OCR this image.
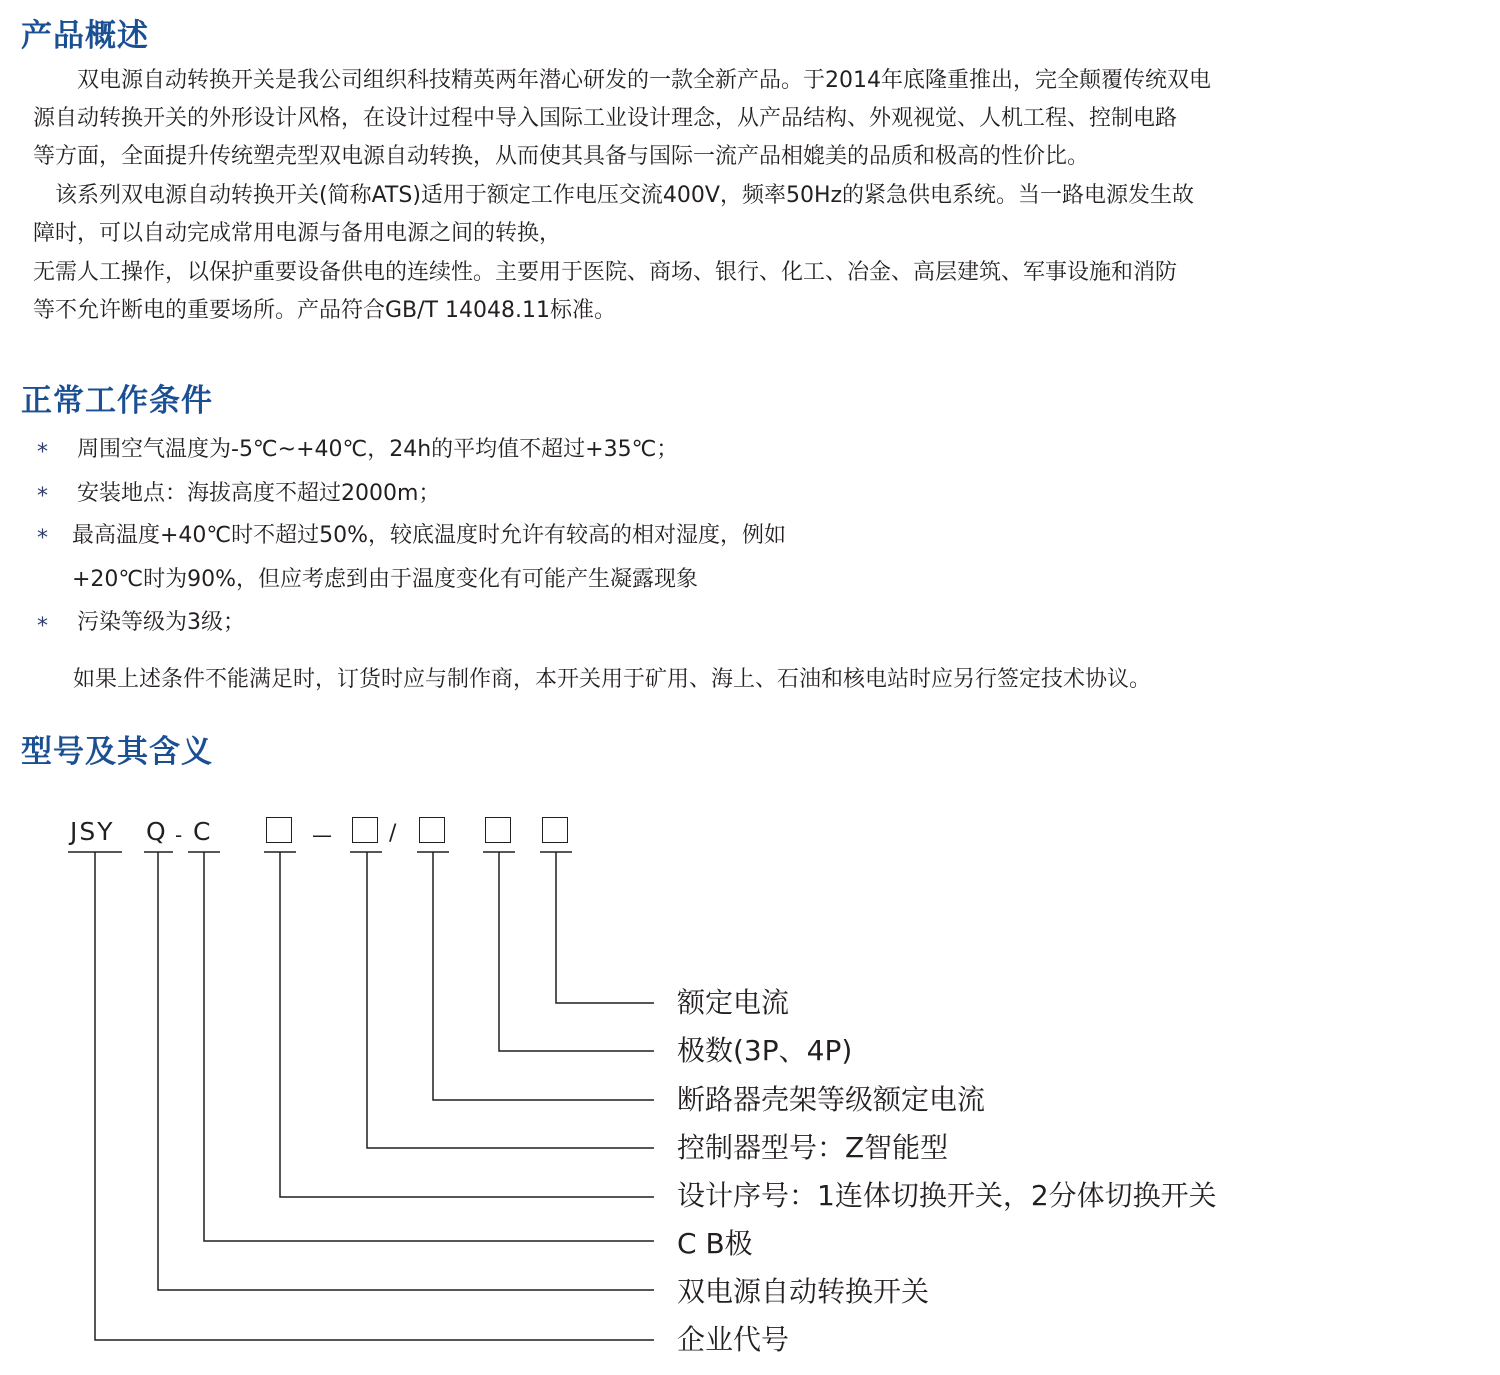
产品概述

　　双电源自动转换开关是我公司组织科技精英两年潜心研发的一款全新产品。于2014年底隆重推出，完全颠覆传统双电

源自动转换开关的外形设计风格，在设计过程中导入国际工业设计理念，从产品结构、外观视觉、人机工程、控制电路

等方面，全面提升传统塑壳型双电源自动转换，从而使其具备与国际一流产品相媲美的品质和极高的性价比。

　该系列双电源自动转换开关(简称ATS)适用于额定工作电压交流400V，频率50Hz的紧急供电系统。当一路电源发生故

障时，可以自动完成常用电源与备用电源之间的转换，

无需人工操作，以保护重要设备供电的连续性。主要用于医院、商场、银行、化工、冶金、高层建筑、军事设施和消防

等不允许断电的重要场所。产品符合GB/T 14048.11标准。

正常工作条件
* 周围空气温度为-5℃~+40℃，24h的平均值不超过+35℃；

* 安装地点：海拔高度不超过2000m；

* 最高温度+40℃时不超过50%，较底温度时允许有较高的相对湿度，例如

+20℃时为90%，但应考虑到由于温度变化有可能产生凝露现象

* 污染等级为3级；

如果上述条件不能满足时，订货时应与制作商，本开关用于矿用、海上、石油和核电站时应另行签定技术协议。

型号及其含义
JSY Q - C	—	/

额定电流

极数(3P、4P)

断路器壳架等级额定电流

控制器型号：Z智能型

设计序号：1连体切换开关，2分体切换开关

C B极

双电源自动转换开关

企业代号
